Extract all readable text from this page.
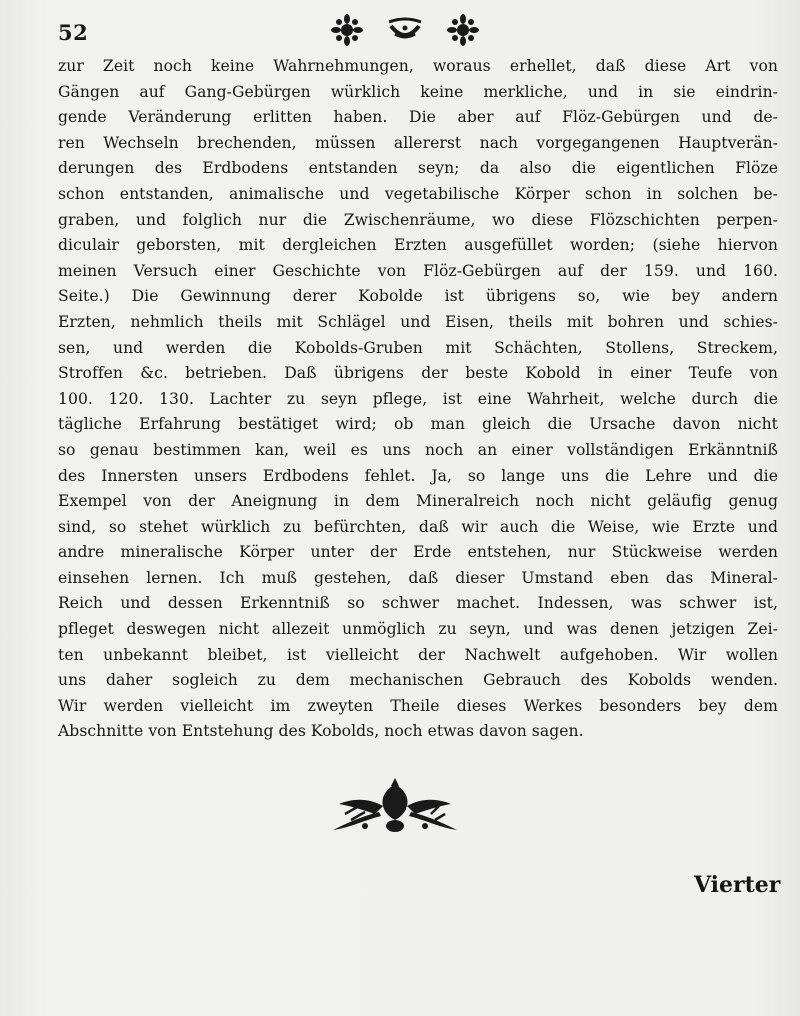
52
zur Zeit noch keine Wahrnehmungen, woraus erhellet, daß diese Art von
Gängen auf Gang-Gebürgen würklich keine merkliche, und in sie eindrin-
gende Veränderung erlitten haben. Die aber auf Flöz-Gebürgen und de-
ren Wechseln brechenden, müssen allererst nach vorgegangenen Hauptverän-
derungen des Erdbodens entstanden seyn; da also die eigentlichen Flöze
schon entstanden, animalische und vegetabilische Körper schon in solchen be-
graben, und folglich nur die Zwischenräume, wo diese Flözschichten perpen-
diculair geborsten, mit dergleichen Erzten ausgefüllet worden; (siehe hiervon
meinen Versuch einer Geschichte von Flöz-Gebürgen auf der 159. und 160.
Seite.) Die Gewinnung derer Kobolde ist übrigens so, wie bey andern
Erzten, nehmlich theils mit Schlägel und Eisen, theils mit bohren und schies-
sen, und werden die Kobolds-Gruben mit Schächten, Stollens, Streckem,
Stroffen &c. betrieben. Daß übrigens der beste Kobold in einer Teufe von
100. 120. 130. Lachter zu seyn pflege, ist eine Wahrheit, welche durch die
tägliche Erfahrung bestätiget wird; ob man gleich die Ursache davon nicht
so genau bestimmen kan, weil es uns noch an einer vollständigen Erkänntniß
des Innersten unsers Erdbodens fehlet. Ja, so lange uns die Lehre und die
Exempel von der Aneignung in dem Mineralreich noch nicht geläufig genug
sind, so stehet würklich zu befürchten, daß wir auch die Weise, wie Erzte und
andre mineralische Körper unter der Erde entstehen, nur Stückweise werden
einsehen lernen. Ich muß gestehen, daß dieser Umstand eben das Mineral-
Reich und dessen Erkenntniß so schwer machet. Indessen, was schwer ist,
pfleget deswegen nicht allezeit unmöglich zu seyn, und was denen jetzigen Zei-
ten unbekannt bleibet, ist vielleicht der Nachwelt aufgehoben. Wir wollen
uns daher sogleich zu dem mechanischen Gebrauch des Kobolds wenden.
Wir werden vielleicht im zweyten Theile dieses Werkes besonders bey dem
Abschnitte von Entstehung des Kobolds, noch etwas davon sagen.
Vierter
